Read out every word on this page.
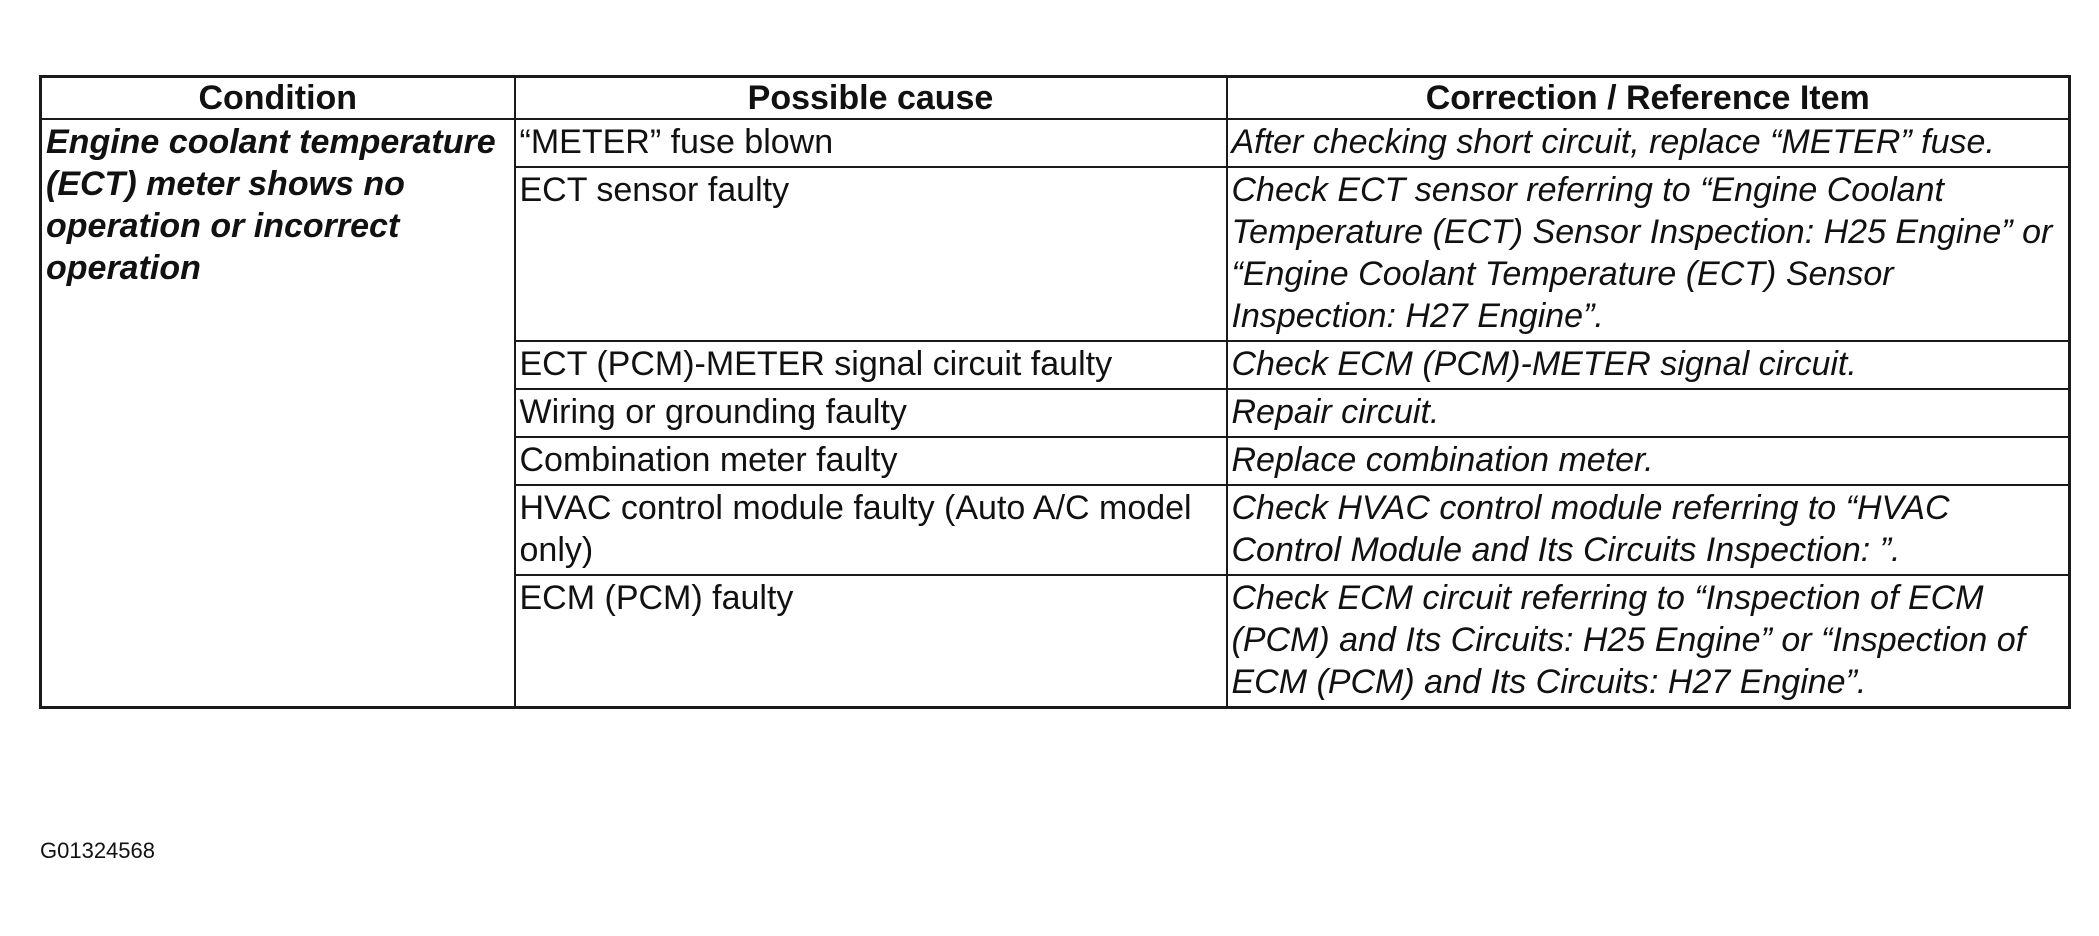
Condition	Possible cause	Correction / Reference Item
Engine coolant temperature (ECT) meter shows no operation or incorrect operation	“METER” fuse blown	After checking short circuit, replace “METER” fuse.
	ECT sensor faulty	Check ECT sensor referring to “Engine Coolant Temperature (ECT) Sensor Inspection: H25 Engine” or “Engine Coolant Temperature (ECT) Sensor Inspection: H27 Engine”.
	ECT (PCM)-METER signal circuit faulty	Check ECM (PCM)-METER signal circuit.
	Wiring or grounding faulty	Repair circuit.
	Combination meter faulty	Replace combination meter.
	HVAC control module faulty (Auto A/C model only)	Check HVAC control module referring to “HVAC Control Module and Its Circuits Inspection: ”.
	ECM (PCM) faulty	Check ECM circuit referring to “Inspection of ECM (PCM) and Its Circuits: H25 Engine” or “Inspection of ECM (PCM) and Its Circuits: H27 Engine”.
G01324568
